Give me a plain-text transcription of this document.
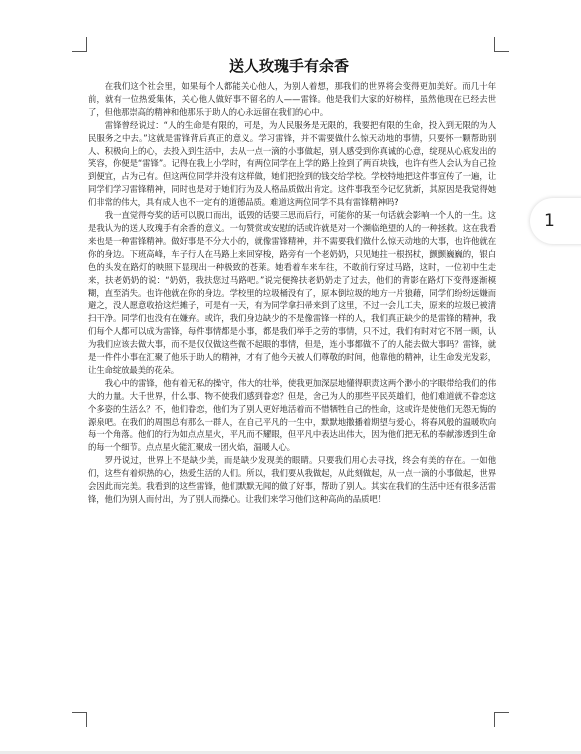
送人玫瑰手有余香

在我们这个社会里，如果每个人都能关心他人，为别人着想，那我们的世界将会变得更加美好。而几十年前，就有一位热爱集体，关心他人做好事不留名的人——雷锋。他是我们大家的好榜样，虽然他现在已经去世了，但他那崇高的精神和他那乐于助人的心永远留在我们的心中。

雷锋曾经说过：“人的生命是有限的，可是，为人民服务是无限的，我要把有限的生命，投入到无限的为人民服务之中去。”这就是雷锋背后真正的意义。学习雷锋，并不需要做什么惊天动地的事情，只要怀一颗帮助别人、积极向上的心，去投入到生活中，去从一点一滴的小事做起，别人感受到你真诚的心意，绽现从心底发出的笑容，你便是“雷锋”。记得在我上小学时，有两位同学在上学的路上捡到了两百块钱，也许有些人会认为自己捡到便宜，占为己有。但这两位同学并没有这样做，她们把捡到的钱交给学校。学校特地把这件事宣传了一遍，让同学们学习雷锋精神，同时也是对于她们行为及人格品质做出肯定。这件事我至今记忆犹新，其原因是我觉得她们非常的伟大，具有成人也不一定有的道德品质。难道这两位同学不具有雷锋精神吗?

我一直觉得夸奖的话可以脱口而出，诋毁的话要三思而后行，可能你的某一句话就会影响一个人的一生。这是我认为的送人玫瑰手有余香的意义。一句赞赏或安慰的话或许就是对一个濒临绝望的人的一种拯救。这在我看来也是一种雷锋精神。做好事是不分大小的，就像雷锋精神，并不需要我们做什么惊天动地的大事，也许他就在你的身边。下班高峰，车子行人在马路上来回穿梭，路旁有一个老奶奶，只见她拄一根拐杖，颤颤巍巍的，银白色的头发在路灯的映照下显现出一种极致的苍莱。她看着车来车往，不敢前行穿过马路，这时，一位初中生走来，扶老奶奶的说：“奶奶，我扶您过马路吧。”说完便搀扶老奶奶走了过去，他们的背影在路灯下变得逐渐模糊，直至消失。也许他就在你的身边。学校里的垃圾桶没有了，原本倒垃圾的地方一片狼藉，同学们纷纷远嫌而避之，没人愿意收拾这烂摊子，可是有一天，有为同学拿扫帚来到了这里，不过一会儿工夫，原来的垃圾已被清扫干净。同学们也没有在嫌弃。或许，我们身边缺少的不是像雷锋一样的人，我们真正缺少的是雷锋的精神，我们每个人都可以成为雷锋，每件事情都是小事，都是我们举手之劳的事情，只不过，我们有时对它不屑一顾，认为我们应该去做大事，而不是仅仅做这些微不起眼的事情，但是，连小事都做不了的人能去做大事吗？雷锋，就是一件件小事在汇聚了他乐于助人的精神，才有了他今天被人们尊敬的时间，他靠他的精神，让生命发光发彩，让生命绽放最美的花朵。

我心中的雷锋，他有着无私的操守，伟大的壮举，使我更加深层地懂得职责这两个渺小的字眼带给我们的伟大的力量。大千世界，什么事、物不使我们感到眷恋？但是，舍己为人的那些平民英雄们，他们难道就不眷恋这个多姿的生活么？不，他们眷恋，他们为了别人更好地活着而不惜牺牲自己的性命，这或许是使他们无怨无悔的源泉吧。在我们的周围总有那么一群人，在自己平凡的一生中，默默地撒播着期望与爱心，将春风般的温暖吹向每一个角落。他们的行为如点点星火，平凡而不耀眼，但平凡中表达出伟大，因为他们把无私的奉献渗透到生命的每一个细节。点点星火能汇聚成一团火焰，温暖人心。

罗丹说过，世界上不是缺少美，而是缺少发现美的眼睛。只要我们用心去寻找，终会有美的存在。一如他们，这些有着炽热的心，热爱生活的人们。所以，我们要从我做起，从此刻做起，从一点一滴的小事做起，世界会因此而完美。我看到的这些雷锋，他们默默无闻的做了好事，帮助了别人。其实在我们的生活中还有很多活雷锋，他们为别人而付出，为了别人而操心。让我们来学习他们这种高尚的品质吧！

1
